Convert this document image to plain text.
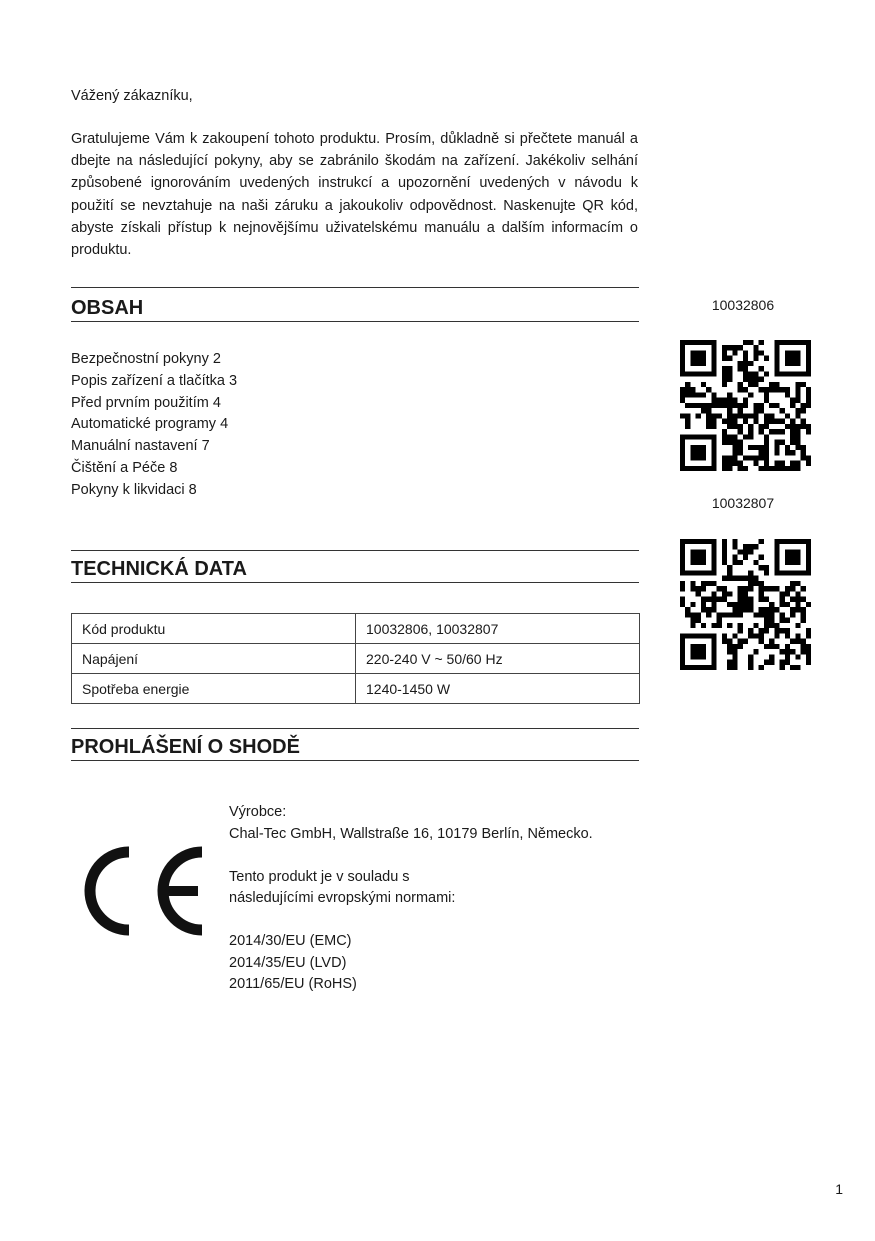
Vážený zákazníku,
Gratulujeme Vám k zakoupení tohoto produktu. Prosím, důkladně si přečtete manuál a dbejte na následující pokyny, aby se zabránilo škodám na zařízení. Jakékoliv selhání způsobené ignorováním uvedených instrukcí a upozornění uvedených v návodu k použití se nevztahuje na naši záruku a jakoukoliv odpovědnost. Naskenujte QR kód, abyste získali přístup k nejnovějšímu uživatelskému manuálu a dalším informacím o produktu.
OBSAH
Bezpečnostní pokyny 2
Popis zařízení a tlačítka 3
Před prvním použitím 4
Automatické programy 4
Manuální nastavení 7
Čištění a Péče 8
Pokyny k likvidaci 8
TECHNICKÁ DATA
Kód produktu	10032806, 10032807
Napájení	220-240 V ~ 50/60 Hz
Spotřeba energie	1240-1450 W
PROHLÁŠENÍ O SHODĚ
Výrobce:
Chal-Tec GmbH, Wallstraße 16, 10179 Berlín, Německo.
Tento produkt je v souladu s
následujícími evropskými normami:
2014/30/EU (EMC)
2014/35/EU (LVD)
2011/65/EU (RoHS)
10032806
10032807
1
